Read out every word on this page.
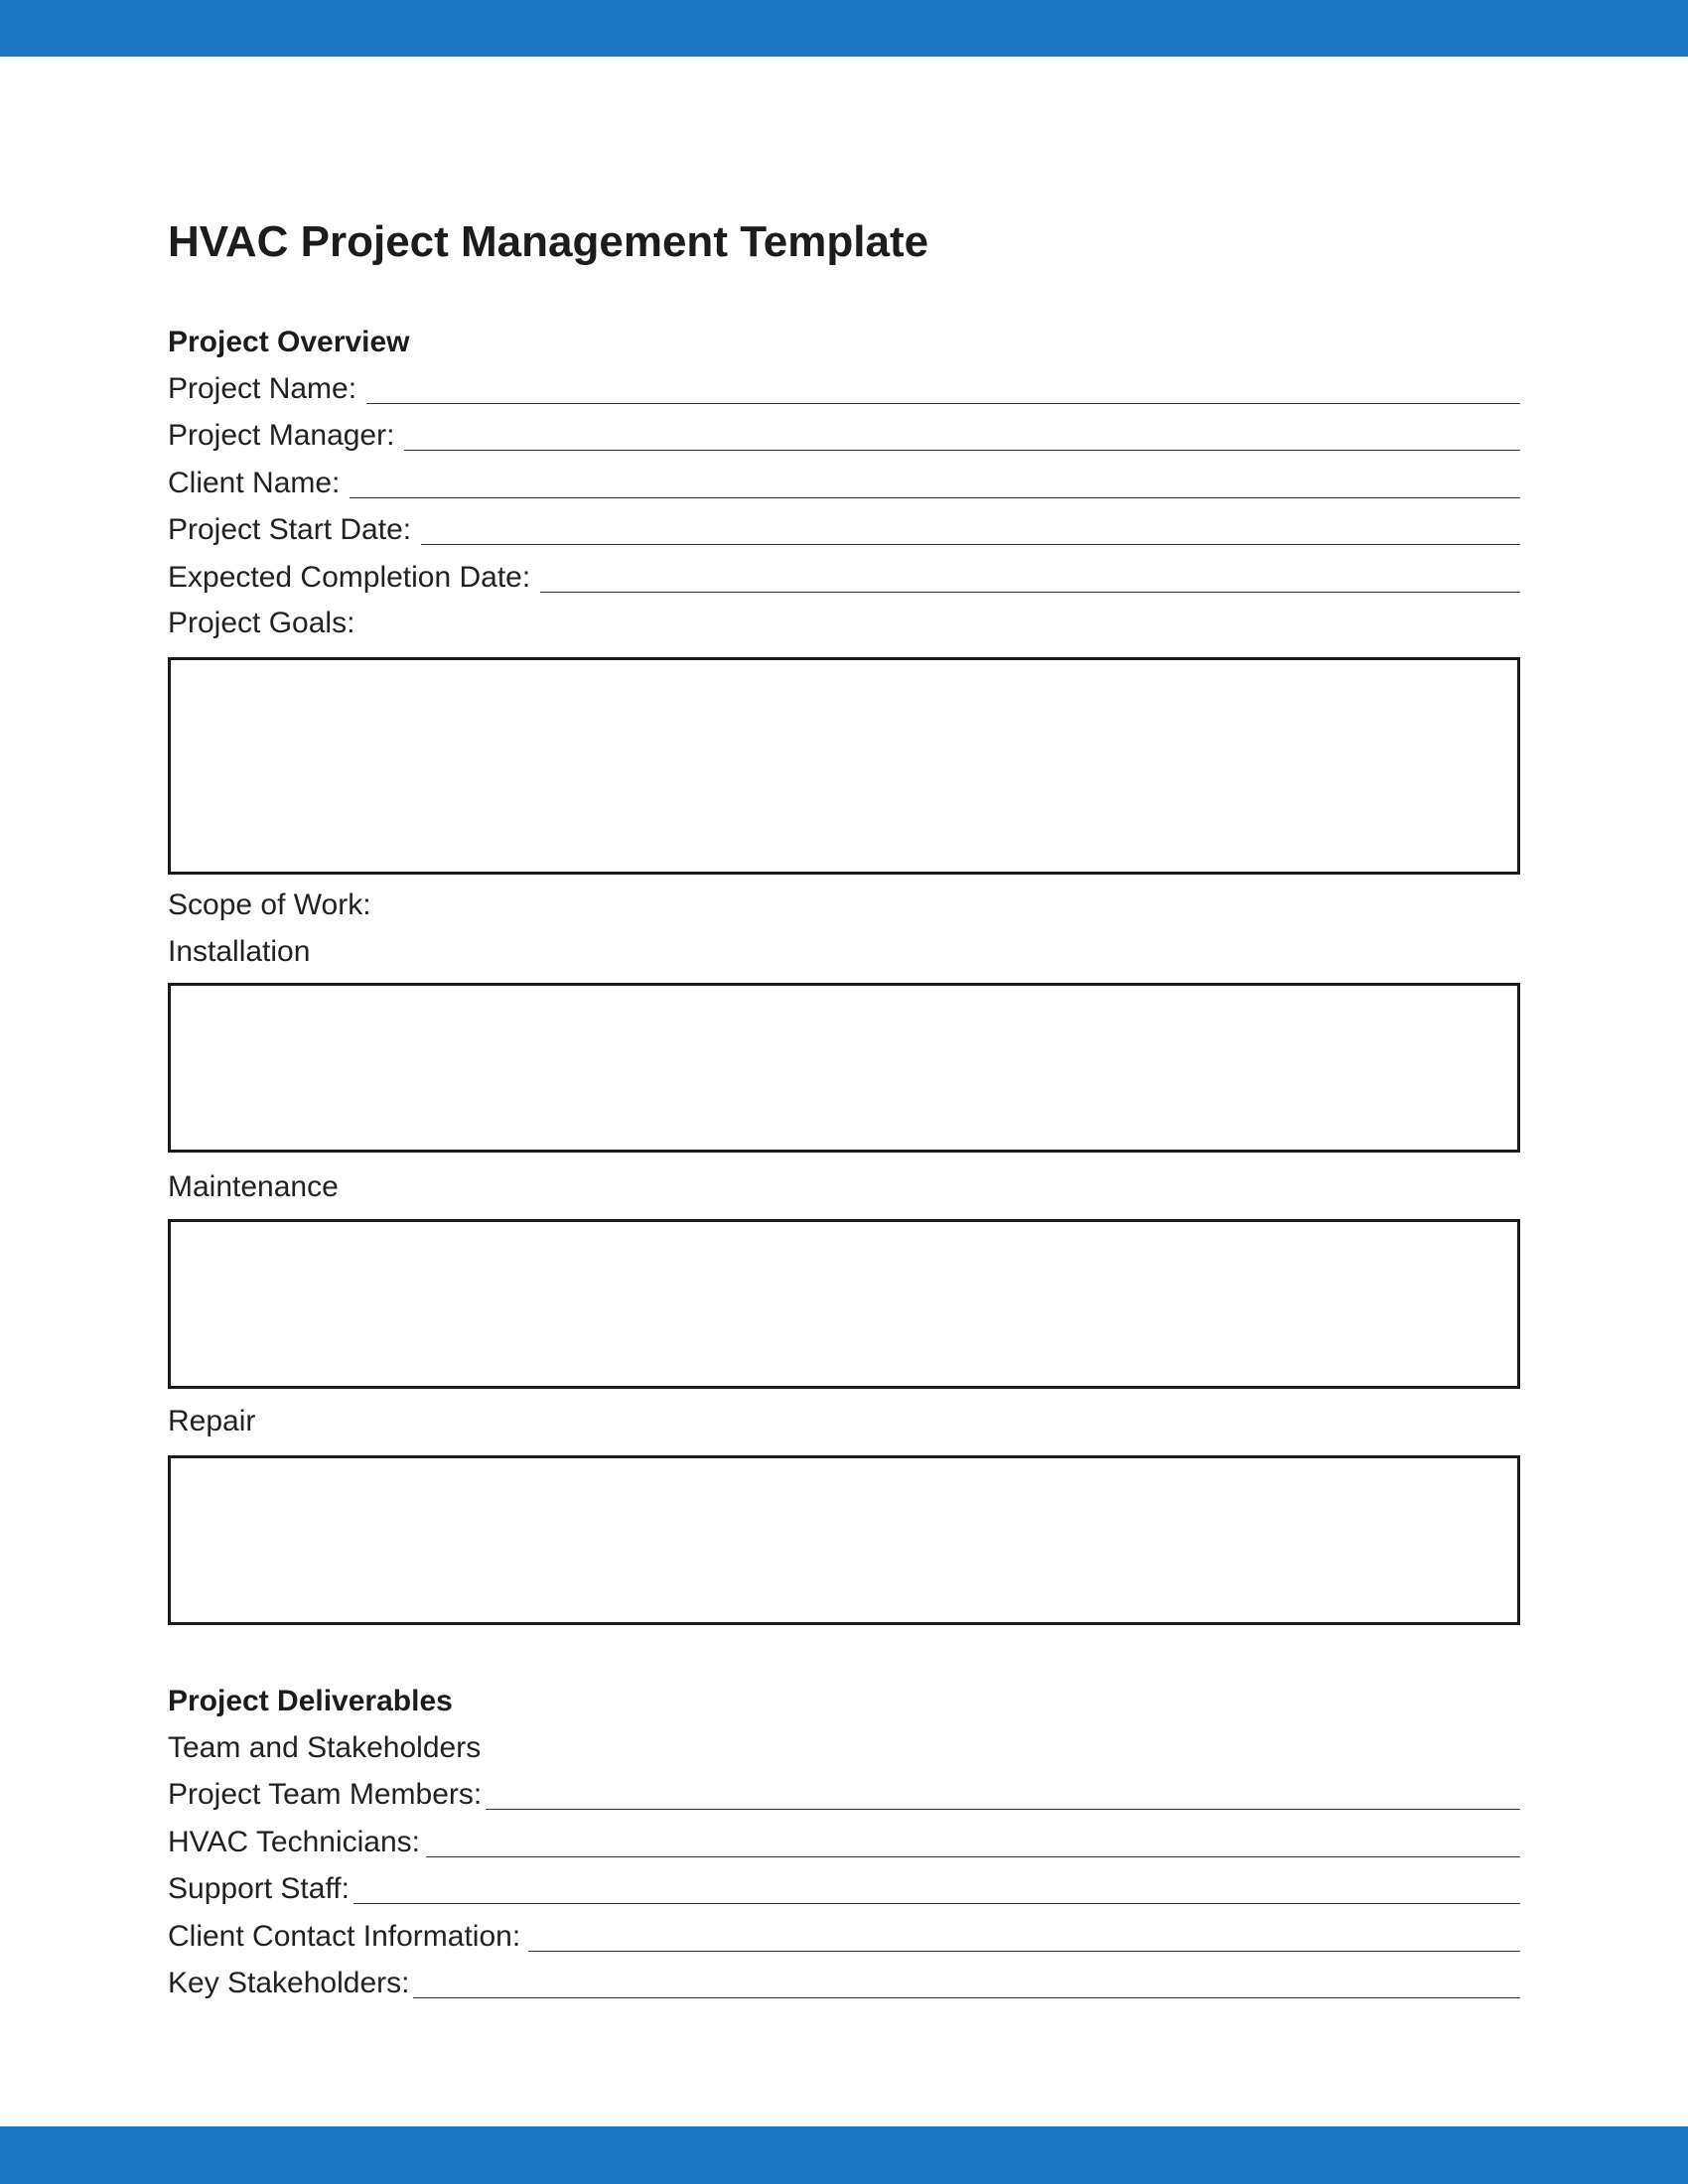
HVAC Project Management Template
Project Overview
Project Name:
Project Manager:
Client Name:
Project Start Date:
Expected Completion Date:
Project Goals:
Scope of Work:
Installation
Maintenance
Repair
Project Deliverables
Team and Stakeholders
Project Team Members:
HVAC Technicians:
Support Staff:
Client Contact Information:
Key Stakeholders:
